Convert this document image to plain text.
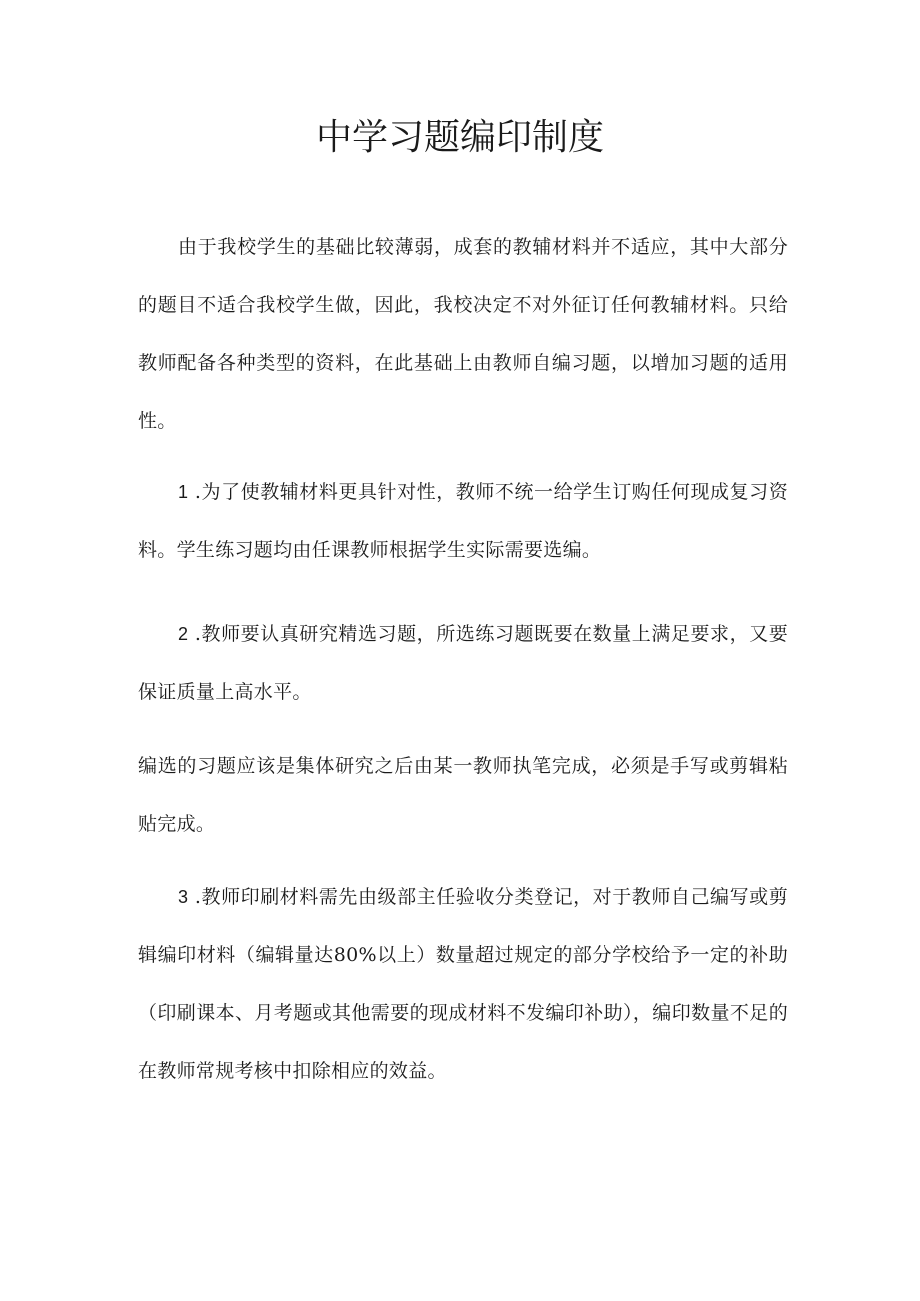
中学习题编印制度

由于我校学生的基础比较薄弱，成套的教辅材料并不适应，其中大部分的题目不适合我校学生做，因此，我校决定不对外征订任何教辅材料。只给教师配备各种类型的资料，在此基础上由教师自编习题，以增加习题的适用性。

1 .为了使教辅材料更具针对性，教师不统一给学生订购任何现成复习资料。学生练习题均由任课教师根据学生实际需要选编。

2 .教师要认真研究精选习题，所选练习题既要在数量上满足要求，又要保证质量上高水平。

编选的习题应该是集体研究之后由某一教师执笔完成，必须是手写或剪辑粘贴完成。

3 .教师印刷材料需先由级部主任验收分类登记，对于教师自己编写或剪辑编印材料（编辑量达80%以上）数量超过规定的部分学校给予一定的补助（印刷课本、月考题或其他需要的现成材料不发编印补助），编印数量不足的在教师常规考核中扣除相应的效益。
